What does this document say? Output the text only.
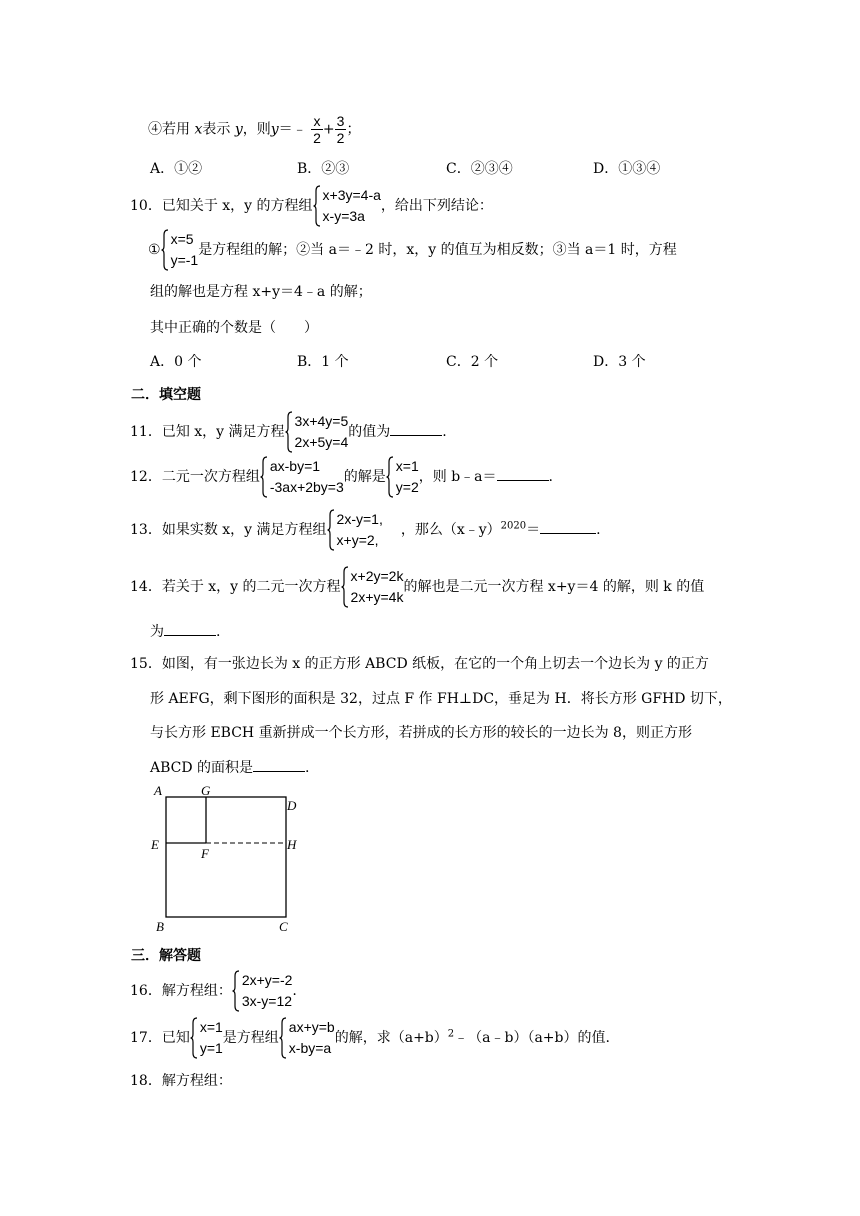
④若用 x表示 y，则y＝﹣ $\frac{x}{2} + \frac{3}{2}$ ；
A．①②	B．②③	C．②③④	D．①③④
10．已知关于 x，y 的方程组
x+3y=4-a
x-y=3a
，给出下列结论：
①
x=5
y=-1
是方程组的解；②当 a＝﹣2 时，x，y 的值互为相反数；③当 a＝1 时，方程
组的解也是方程 x+y＝4﹣a 的解；
其中正确的个数是（　　）
A．0 个	B．1 个	C．2 个	D．3 个
二．填空题
11．已知 x，y 满足方程
3x+4y=5
2x+5y=4
的值为	.
12．二元一次方程组
ax-by=1
-3ax+2by=3
的解是
x=1
y=2
，则 b﹣a＝	.
13．如果实数 x，y 满足方程组
2x-y=1,
x+y=2,
，那么（x﹣y）$^{2020}$＝	.
14．若关于 x，y 的二元一次方程
x+2y=2k
2x+y=4k
的解也是二元一次方程 x+y＝4 的解，则 k 的值
为	.
15．如图，有一张边长为 x 的正方形 ABCD 纸板，在它的一个角上切去一个边长为 y 的正方
形 AEFG，剩下图形的面积是 32，过点 F 作 FH⊥DC，垂足为 H．将长方形 GFHD 切下，
与长方形 EBCH 重新拼成一个长方形，若拼成的长方形的较长的一边长为 8，则正方形
ABCD 的面积是	.
A	G
D
E
F
H
B	C
三．解答题
16．解方程组：
2x+y=-2
3x-y=12
.
17．已知
x=1
y=1
是方程组
ax+y=b
x-by=a
的解，求$(a+b)^2﹣(a﹣b)(a+b)$的值.
18．解方程组：
